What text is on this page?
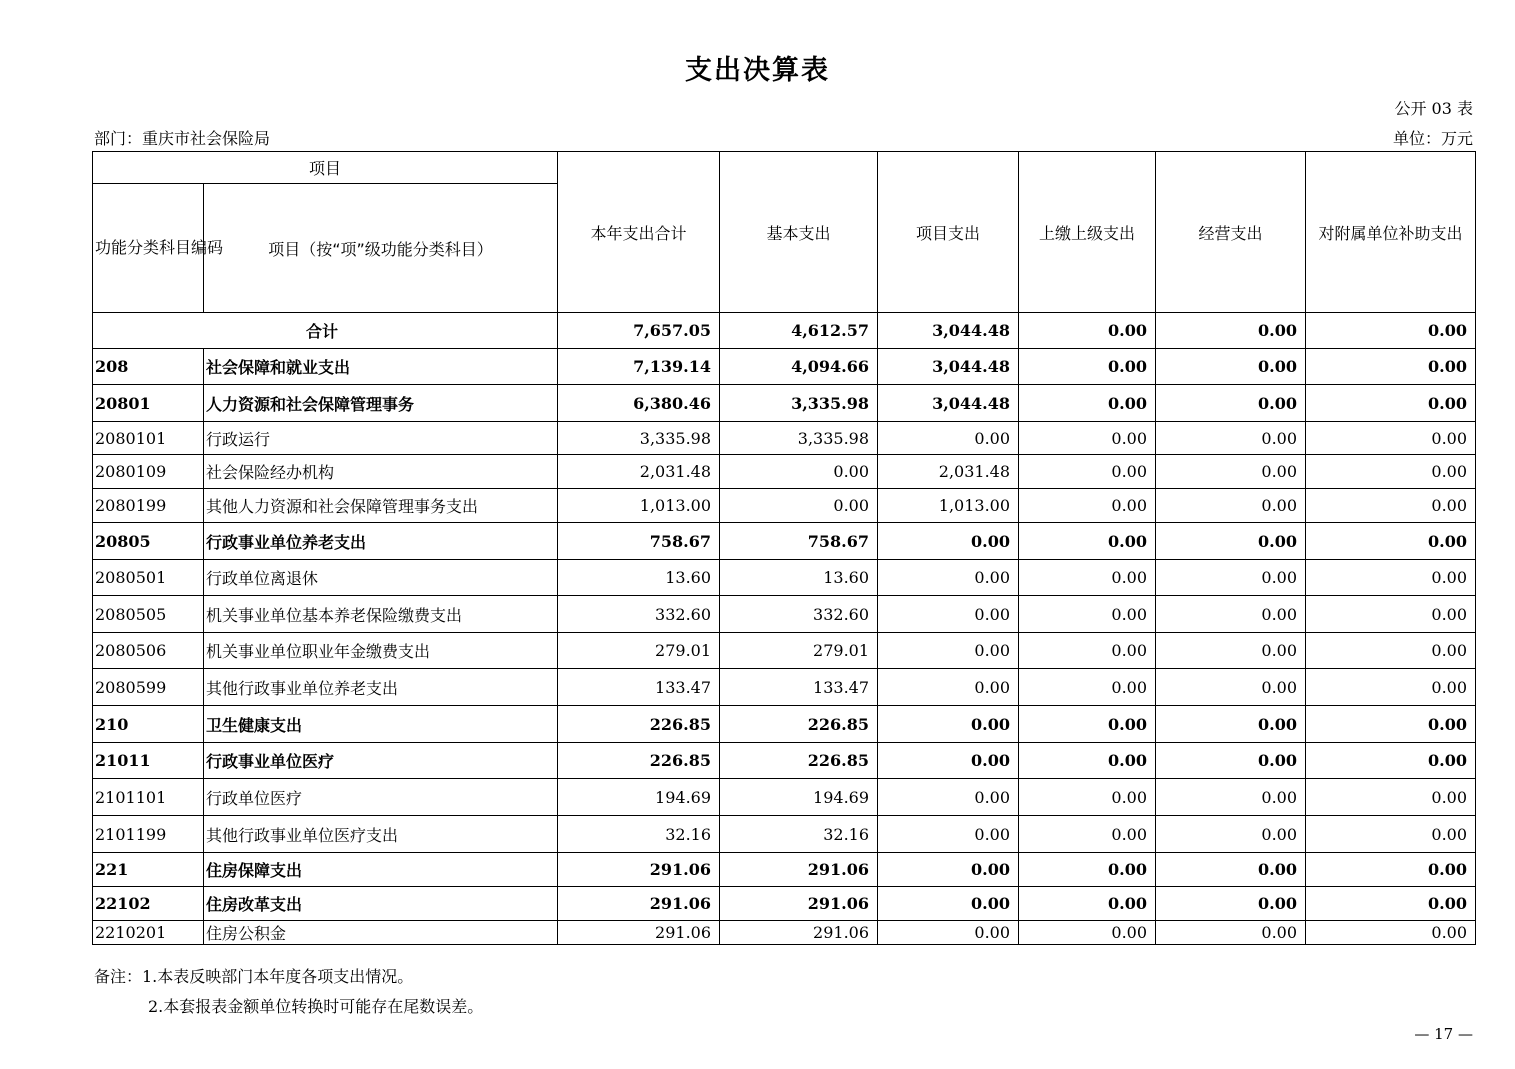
支出决算表
公开 03 表
部门：重庆市社会保险局	单位：万元
项目		本年支出合计	基本支出	项目支出	上缴上级支出	经营支出	对附属单位补助支出
功能分类科目编码	项目（按“项”级功能分类科目）						
合计		7,657.05	4,612.57	3,044.48	0.00	0.00	0.00
208	社会保障和就业支出	7,139.14	4,094.66	3,044.48	0.00	0.00	0.00
20801	人力资源和社会保障管理事务	6,380.46	3,335.98	3,044.48	0.00	0.00	0.00
2080101	行政运行	3,335.98	3,335.98	0.00	0.00	0.00	0.00
2080109	社会保险经办机构	2,031.48	0.00	2,031.48	0.00	0.00	0.00
2080199	其他人力资源和社会保障管理事务支出	1,013.00	0.00	1,013.00	0.00	0.00	0.00
20805	行政事业单位养老支出	758.67	758.67	0.00	0.00	0.00	0.00
2080501	行政单位离退休	13.60	13.60	0.00	0.00	0.00	0.00
2080505	机关事业单位基本养老保险缴费支出	332.60	332.60	0.00	0.00	0.00	0.00
2080506	机关事业单位职业年金缴费支出	279.01	279.01	0.00	0.00	0.00	0.00
2080599	其他行政事业单位养老支出	133.47	133.47	0.00	0.00	0.00	0.00
210	卫生健康支出	226.85	226.85	0.00	0.00	0.00	0.00
21011	行政事业单位医疗	226.85	226.85	0.00	0.00	0.00	0.00
2101101	行政单位医疗	194.69	194.69	0.00	0.00	0.00	0.00
2101199	其他行政事业单位医疗支出	32.16	32.16	0.00	0.00	0.00	0.00
221	住房保障支出	291.06	291.06	0.00	0.00	0.00	0.00
22102	住房改革支出	291.06	291.06	0.00	0.00	0.00	0.00
2210201	住房公积金	291.06	291.06	0.00	0.00	0.00	0.00
备注：1.本表反映部门本年度各项支出情况。
2.本套报表金额单位转换时可能存在尾数误差。
— 17 —
